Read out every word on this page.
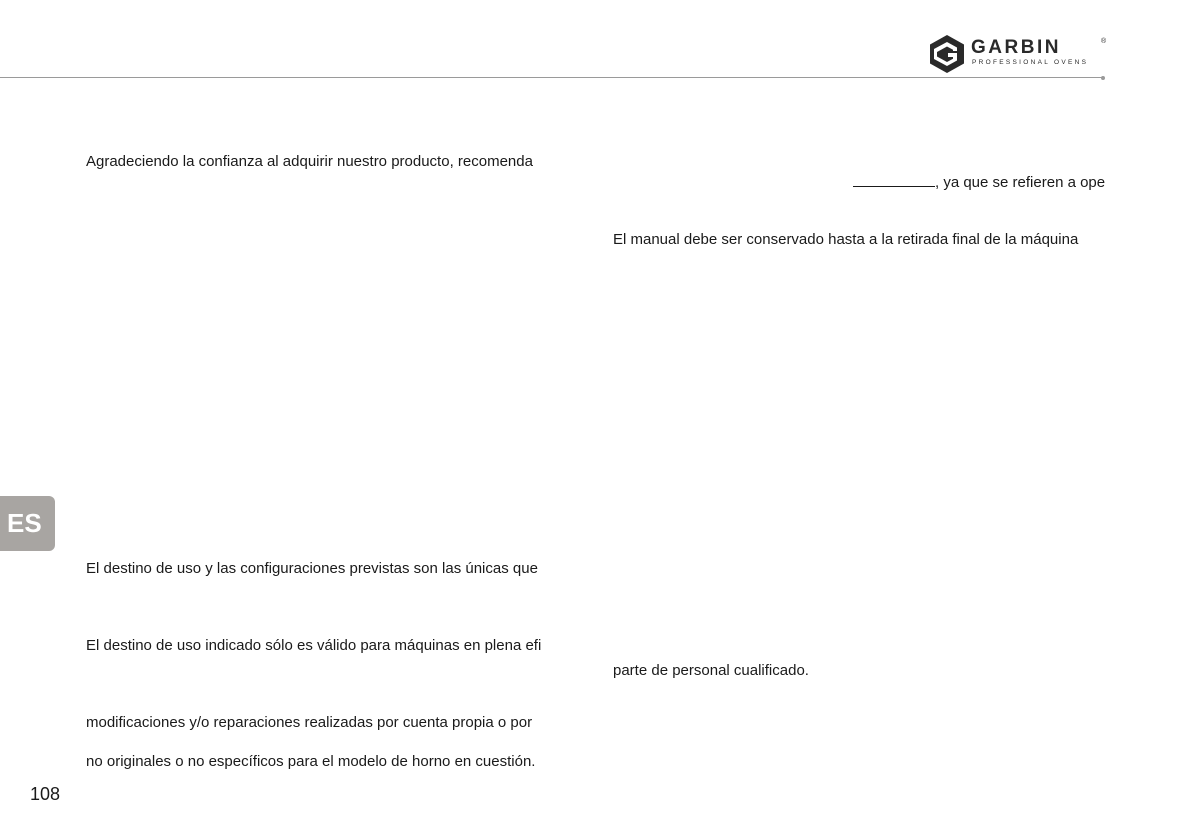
GARBIN	®
PROFESSIONAL OVENS
Agradeciendo la confianza al adquirir nuestro producto, recomenda
El destino de uso y las configuraciones previstas son las únicas que
El destino de uso indicado sólo es válido para máquinas en plena efi
modificaciones y/o reparaciones realizadas por cuenta propia o por
no originales o no específicos para el modelo de horno en cuestión.
, ya que se refieren a ope
El manual debe ser conservado hasta a la retirada final de la máquina
parte de personal cualificado.
ES
108
